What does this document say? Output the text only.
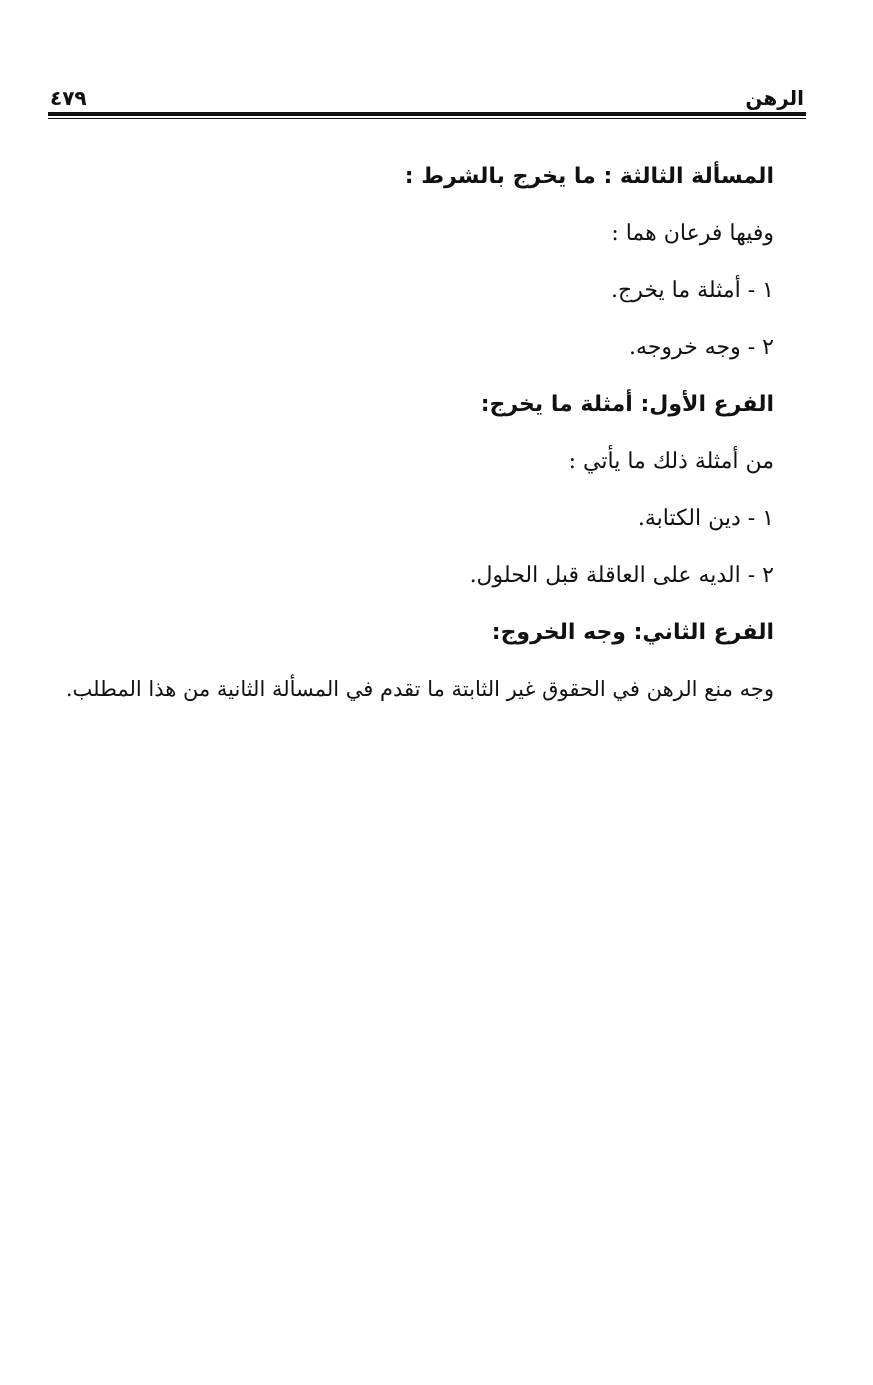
الرهن
٤٧٩
المسألة الثالثة : ما يخرج بالشرط :
وفيها فرعان هما :
١ - أمثلة ما يخرج.
٢ - وجه خروجه.
الفرع الأول: أمثلة ما يخرج:
من أمثلة ذلك ما يأتي :
١ - دين الكتابة.
٢ - الديه على العاقلة قبل الحلول.
الفرع الثاني: وجه الخروج:
وجه منع الرهن في الحقوق غير الثابتة ما تقدم في المسألة الثانية من هذا المطلب.
